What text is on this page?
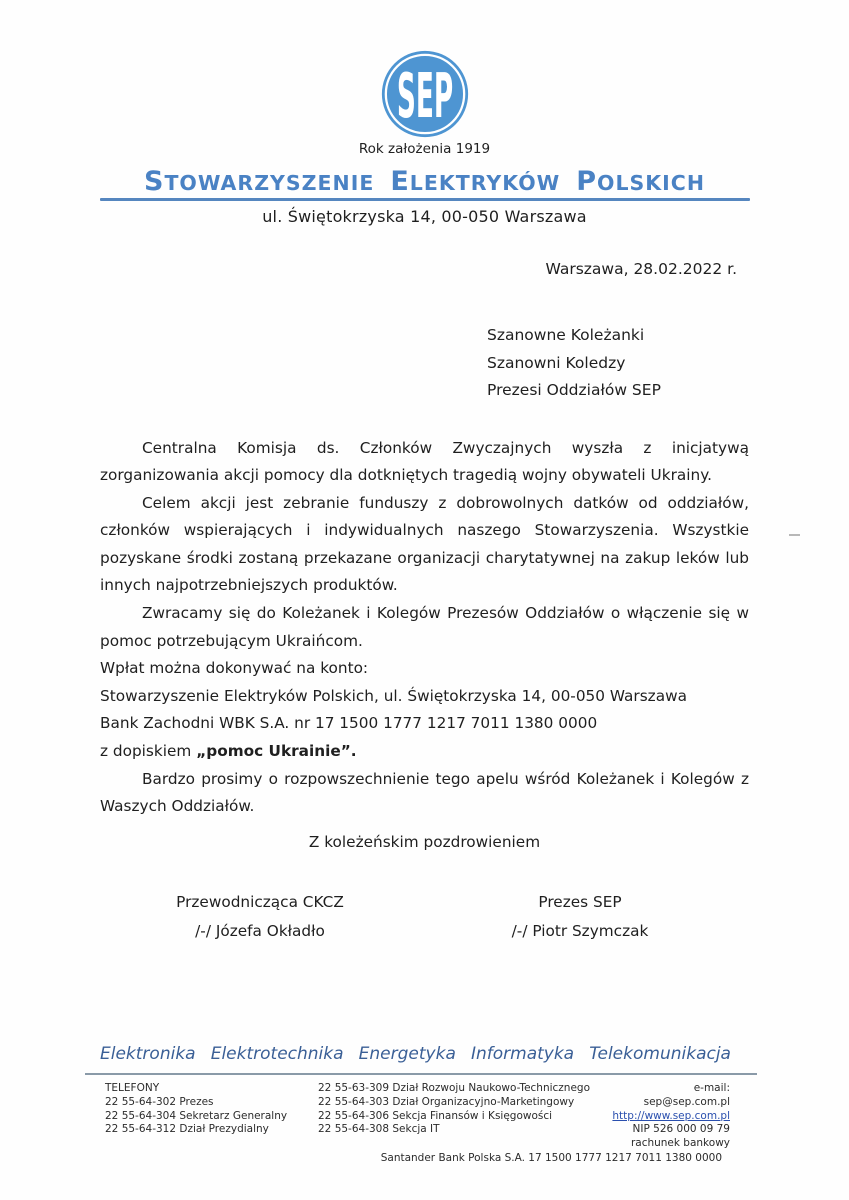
SEP
Rok założenia 1919
STOWARZYSZENIE ELEKTRYKÓW POLSKICH
ul. Świętokrzyska 14, 00-050 Warszawa
Warszawa, 28.02.2022 r.
Szanowne Koleżanki
Szanowni Koledzy
Prezesi Oddziałów SEP

Centralna Komisja ds. Członków Zwyczajnych wyszła z inicjatywą zorganizowania akcji pomocy dla dotkniętych tragedią wojny obywateli Ukrainy.

Celem akcji jest zebranie funduszy z dobrowolnych datków od oddziałów, członków wspierających i indywidualnych naszego Stowarzyszenia. Wszystkie pozyskane środki zostaną przekazane organizacji charytatywnej na zakup leków lub innych najpotrzebniejszych produktów.

Zwracamy się do Koleżanek i Kolegów Prezesów Oddziałów o włączenie się w pomoc potrzebującym Ukraińcom.

Wpłat można dokonywać na konto:
Stowarzyszenie Elektryków Polskich, ul. Świętokrzyska 14, 00-050 Warszawa
Bank Zachodni WBK S.A. nr 17 1500 1777 1217 7011 1380 0000
z dopiskiem „pomoc Ukrainie”.

Bardzo prosimy o rozpowszechnienie tego apelu wśród Koleżanek i Kolegów z Waszych Oddziałów.

Z koleżeńskim pozdrowieniem
Przewodnicząca CKCZ
/-/ Józefa Okładło
Prezes SEP
/-/ Piotr Szymczak
Elektronika Elektrotechnika Energetyka Informatyka Telekomunikacja
TELEFONY
22 55-64-302 Prezes
22 55-64-304 Sekretarz Generalny
22 55-64-312 Dział Prezydialny
22 55-63-309 Dział Rozwoju Naukowo-Technicznego
22 55-64-303 Dział Organizacyjno-Marketingowy
22 55-64-306 Sekcja Finansów i Księgowości
22 55-64-308 Sekcja IT
e-mail: sep@sep.com.pl
http://www.sep.com.pl
NIP 526 000 09 79
rachunek bankowy
Santander Bank Polska S.A. 17 1500 1777 1217 7011 1380 0000
